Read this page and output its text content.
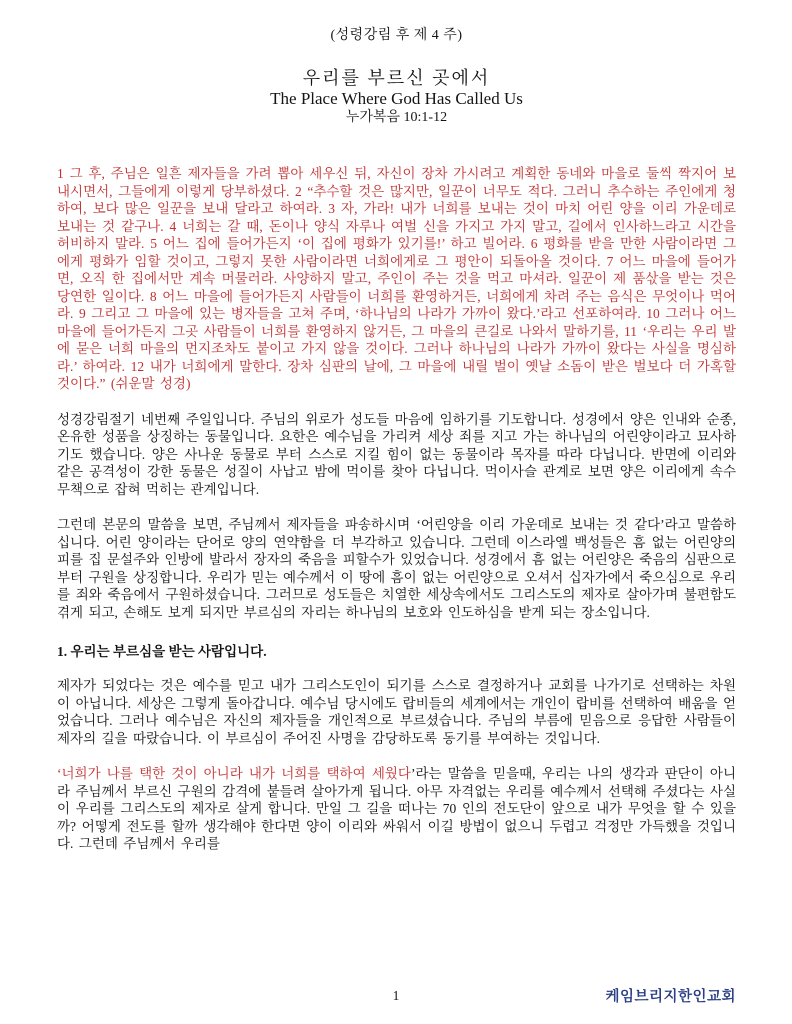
(성령강림 후 제 4 주)
우리를 부르신 곳에서
The Place Where God Has Called Us
누가복음 10:1-12

1 그 후, 주님은 일흔 제자들을 가려 뽑아 세우신 뒤, 자신이 장차 가시려고 계획한 동네와 마을로 둘씩 짝지어 보내시면서, 그들에게 이렇게 당부하셨다. 2 “추수할 것은 많지만, 일꾼이 너무도 적다. 그러니 추수하는 주인에게 청하여, 보다 많은 일꾼을 보내 달라고 하여라. 3 자, 가라! 내가 너희를 보내는 것이 마치 어린 양을 이리 가운데로 보내는 것 같구나. 4 너희는 갈 때, 돈이나 양식 자루나 여벌 신을 가지고 가지 말고, 길에서 인사하느라고 시간을 허비하지 말라. 5 어느 집에 들어가든지 ‘이 집에 평화가 있기를!’ 하고 빌어라. 6 평화를 받을 만한 사람이라면 그에게 평화가 임할 것이고, 그렇지 못한 사람이라면 너희에게로 그 평안이 되돌아올 것이다. 7 어느 마을에 들어가면, 오직 한 집에서만 계속 머물러라. 사양하지 말고, 주인이 주는 것을 먹고 마셔라. 일꾼이 제 품삯을 받는 것은 당연한 일이다. 8 어느 마을에 들어가든지 사람들이 너희를 환영하거든, 너희에게 차려 주는 음식은 무엇이나 먹어라. 9 그리고 그 마을에 있는 병자들을 고쳐 주며, ‘하나님의 나라가 가까이 왔다.’라고 선포하여라. 10 그러나 어느 마을에 들어가든지 그곳 사람들이 너희를 환영하지 않거든, 그 마을의 큰길로 나와서 말하기를, 11 ‘우리는 우리 발에 묻은 너희 마을의 먼지조차도 붙이고 가지 않을 것이다. 그러나 하나님의 나라가 가까이 왔다는 사실을 명심하라.’ 하여라. 12 내가 너희에게 말한다. 장차 심판의 날에, 그 마을에 내릴 벌이 옛날 소돔이 받은 벌보다 더 가혹할 것이다.” (쉬운말 성경)

성경강림절기 네번째 주일입니다. 주님의 위로가 성도들 마음에 임하기를 기도합니다. 성경에서 양은 인내와 순종, 온유한 성품을 상징하는 동물입니다. 요한은 예수님을 가리켜 세상 죄를 지고 가는 하나님의 어린양이라고 묘사하기도 했습니다. 양은 사나운 동물로 부터 스스로 지킬 힘이 없는 동물이라 목자를 따라 다닙니다. 반면에 이리와 같은 공격성이 강한 동물은 성질이 사납고 밤에 먹이를 찾아 다닙니다. 먹이사슬 관계로 보면 양은 이리에게 속수무책으로 잡혀 먹히는 관계입니다.

그런데 본문의 말씀을 보면, 주님께서 제자들을 파송하시며 ‘어린양을 이리 가운데로 보내는 것 같다’라고 말씀하십니다. 어린 양이라는 단어로 양의 연약함을 더 부각하고 있습니다. 그런데 이스라엘 백성들은 흠 없는 어린양의 피를 집 문설주와 인방에 발라서 장자의 죽음을 피할수가 있었습니다. 성경에서 흠 없는 어린양은 죽음의 심판으로 부터 구원을 상징합니다. 우리가 믿는 예수께서 이 땅에 흠이 없는 어린양으로 오셔서 십자가에서 죽으심으로 우리를 죄와 죽음에서 구원하셨습니다. 그러므로 성도들은 치열한 세상속에서도 그리스도의 제자로 살아가며 불편함도 겪게 되고, 손해도 보게 되지만 부르심의 자리는 하나님의 보호와 인도하심을 받게 되는 장소입니다.

1. 우리는 부르심을 받는 사람입니다.

제자가 되었다는 것은 예수를 믿고 내가 그리스도인이 되기를 스스로 결정하거나 교회를 나가기로 선택하는 차원이 아닙니다. 세상은 그렇게 돌아갑니다. 예수님 당시에도 랍비들의 세계에서는 개인이 랍비를 선택하여 배움을 얻었습니다. 그러나 예수님은 자신의 제자들을 개인적으로 부르셨습니다. 주님의 부름에 믿음으로 응답한 사람들이 제자의 길을 따랐습니다. 이 부르심이 주어진 사명을 감당하도록 동기를 부여하는 것입니다.

‘너희가 나를 택한 것이 아니라 내가 너희를 택하여 세웠다’라는 말씀을 믿을때, 우리는 나의 생각과 판단이 아니라 주님께서 부르신 구원의 감격에 붙들려 살아가게 됩니다. 아무 자격없는 우리를 예수께서 선택해 주셨다는 사실이 우리를 그리스도의 제자로 살게 합니다. 만일 그 길을 떠나는 70 인의 전도단이 앞으로 내가 무엇을 할 수 있을까? 어떻게 전도를 할까 생각해야 한다면 양이 이리와 싸워서 이길 방법이 없으니 두렵고 걱정만 가득했을 것입니다. 그런데 주님께서 우리를

1	케임브리지한인교회
